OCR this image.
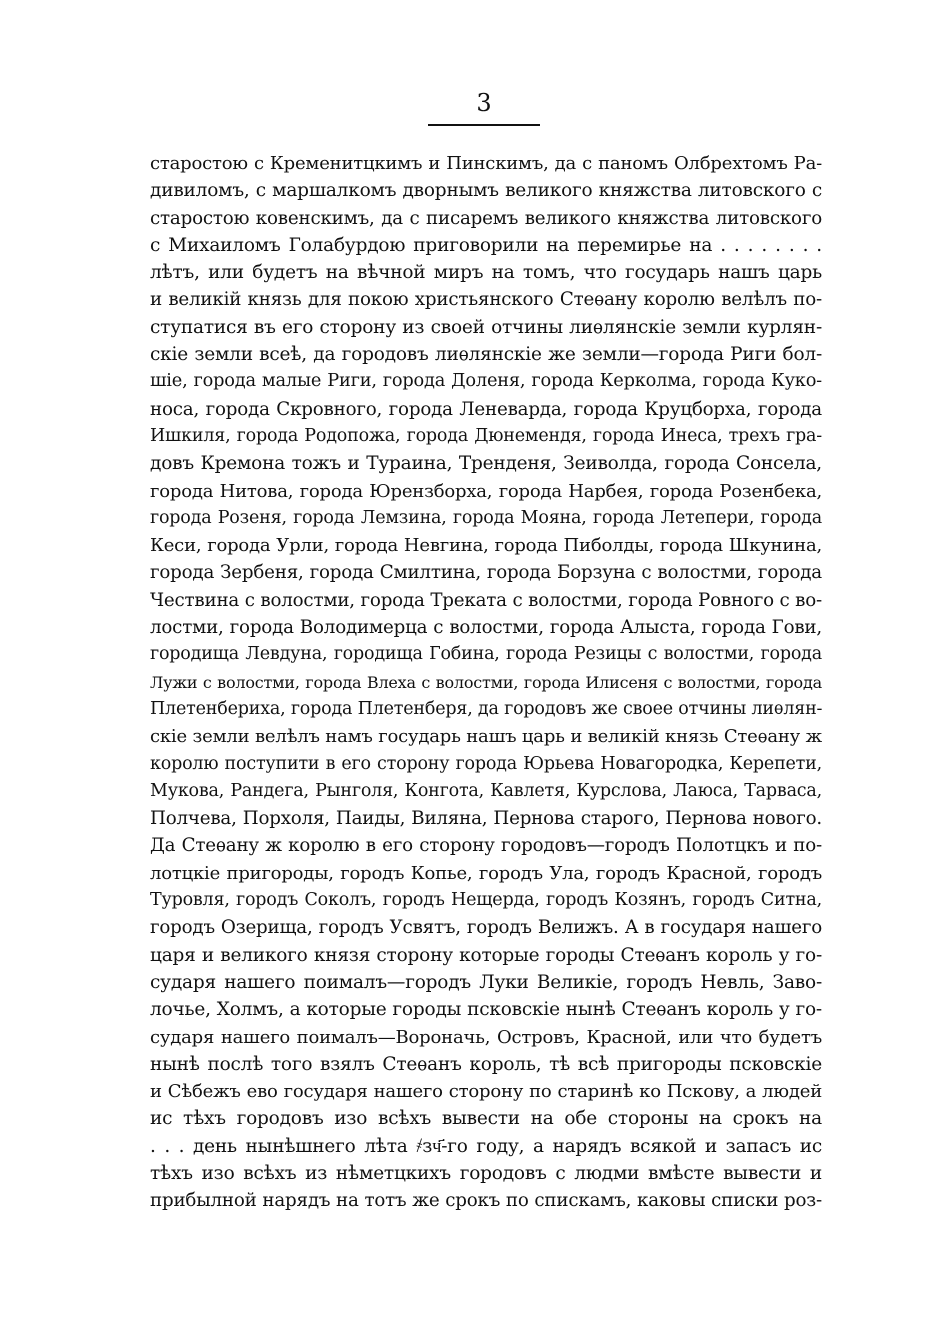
3
старостою с Кременитцкимъ и Пинскимъ, да с паномъ Олбрехтомъ Ра-
дивиломъ, с маршалкомъ дворнымъ великого княжства литовского с
старостою ковенскимъ, да с писаремъ великого княжства литовского
с Михаиломъ Голабурдою приговорили на перемирье на . . . . . . . .
лѣтъ, или будетъ на вѣчной миръ на томъ, что государь нашъ царь
и великій князь для покою христьянского Стеѳану королю велѣлъ по-
ступатися въ его сторону из своей отчины лиѳлянскіе земли курлян-
скіе земли всеѣ, да городовъ лиѳлянскіе же земли—города Риги бол-
шіе, города малые Риги, города Доленя, города Керколма, города Куко-
носа, города Скровного, города Леневарда, города Круцборха, города
Ишкиля, города Родопожа, города Дюнемендя, города Инеса, трехъ гра-
довъ Кремона тожъ и Тураина, Тренденя, Зеиволда, города Сонсела,
города Нитова, города Юрензборха, города Нарбея, города Розенбека,
города Розеня, города Лемзина, города Мояна, города Летепери, города
Кеси, города Урли, города Невгина, города Пиболды, города Шкунина,
города Зербеня, города Смилтина, города Борзуна с волостми, города
Чествина с волостми, города Треката с волостми, города Ровного с во-
лостми, города Володимерца с волостми, города Алыста, города Гови,
городища Левдуна, городища Гобина, города Резицы с волостми, города
Лужи с волостми, города Влеха с волостми, города Илисеня с волостми, города
Плетенбериха, города Плетенберя, да городовъ же своее отчины лиѳлян-
скіе земли велѣлъ намъ государь нашъ царь и великій князь Стеѳану ж
королю поступити в его сторону города Юрьева Новагородка, Керепети,
Мукова, Рандега, Рынголя, Конгота, Кавлетя, Курслова, Лаюса, Тарваса,
Полчева, Порхоля, Паиды, Виляна, Пернова старого, Пернова нового.
Да Стеѳану ж королю в его сторону городовъ—городъ Полотцкъ и по-
лотцкіе пригороды, городъ Копье, городъ Ула, городъ Красной, городъ
Туровля, городъ Соколъ, городъ Нещерда, городъ Козянъ, городъ Ситна,
городъ Озерища, городъ Усвятъ, городъ Велижъ. А в государя нашего
царя и великого князя сторону которые городы Стеѳанъ король у го-
сударя нашего поималъ—городъ Луки Великіе, городъ Невль, Заво-
лочье, Холмъ, а которые городы псковскіе нынѣ Стеѳанъ король у го-
сударя нашего поималъ—Вороначь, Островъ, Красной, или что будетъ
нынѣ послѣ того взялъ Стеѳанъ король, тѣ всѣ пригороды псковскіе
и Сѣбежъ ево государя нашего сторону по старинѣ ко Пскову, а людей
ис тѣхъ городовъ изо всѣхъ вывести на обе стороны на срокъ на
. . . день нынѣшнего лѣта ҂зч҃-го году, а нарядъ всякой и запасъ ис
тѣхъ изо всѣхъ из нѣметцкихъ городовъ с людми вмѣсте вывести и
прибылной нарядъ на тотъ же срокъ по спискамъ, каковы списки роз-
